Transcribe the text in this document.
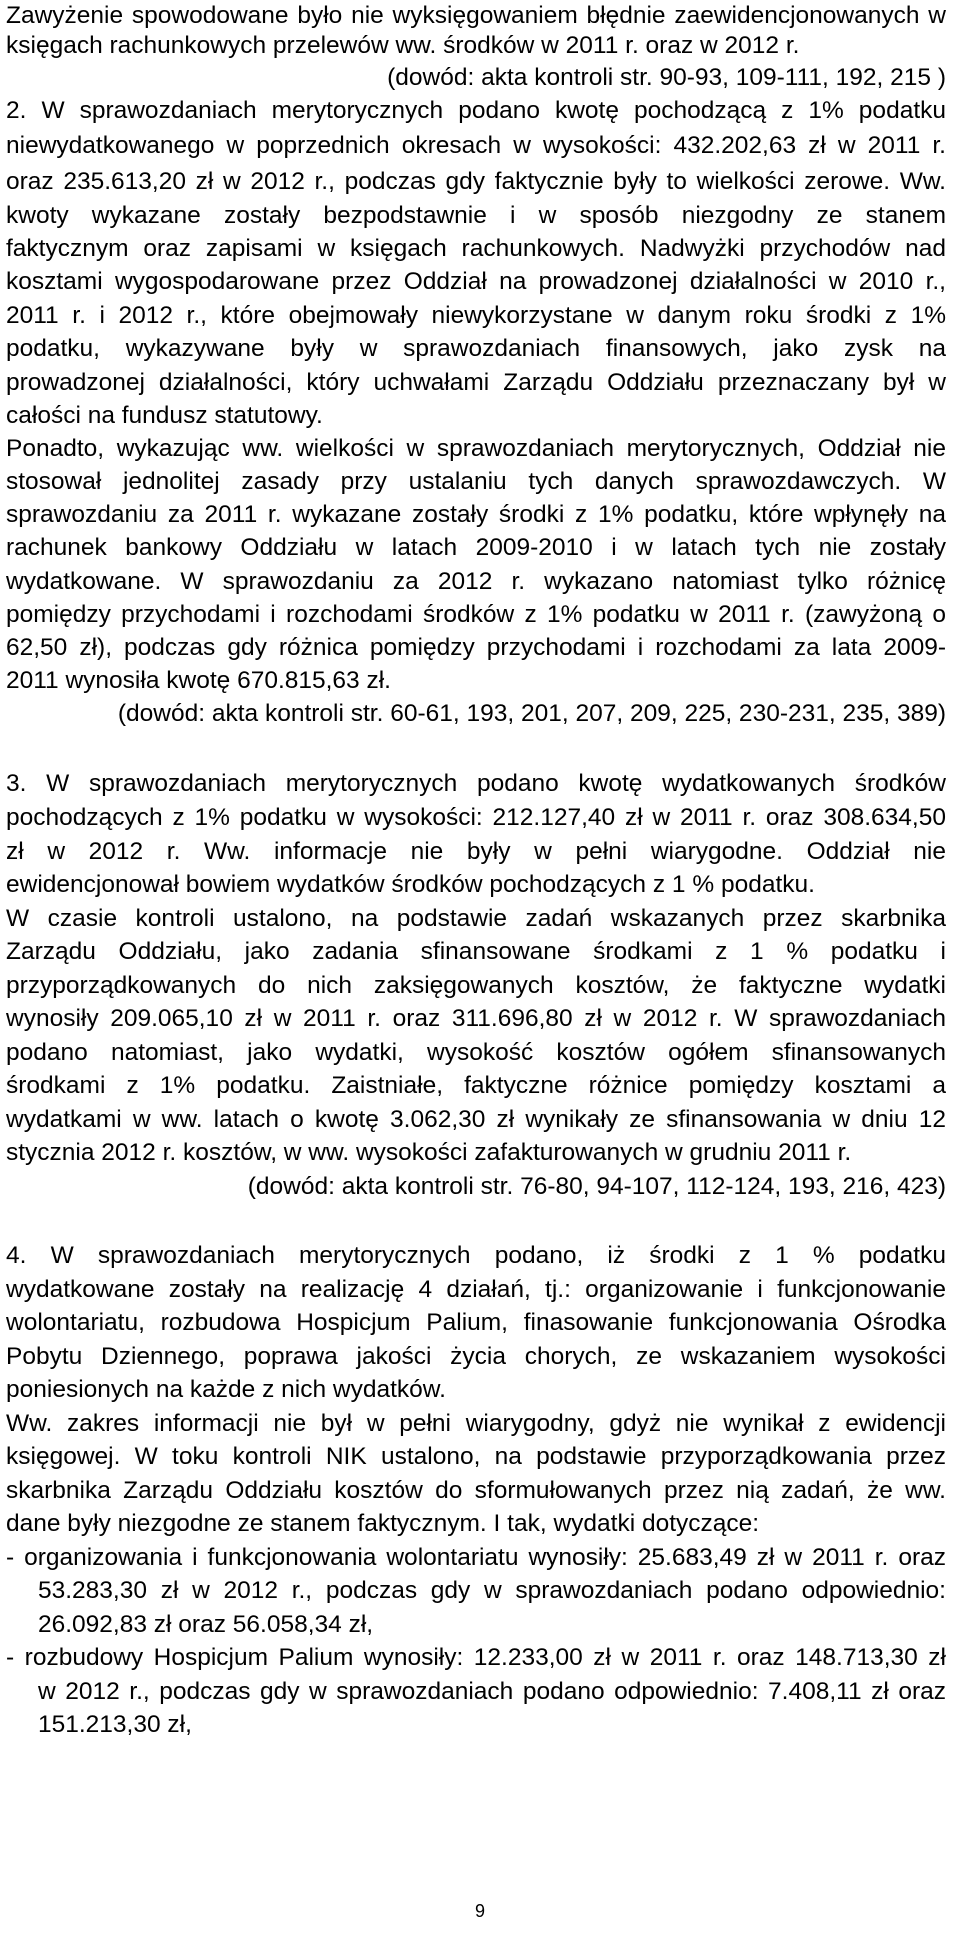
Zawyżenie spowodowane było nie wyksięgowaniem błędnie zaewidencjonowanych w
księgach rachunkowych przelewów ww. środków w 2011 r. oraz w 2012 r.
(dowód: akta kontroli str. 90-93, 109-111, 192, 215 )
2. W sprawozdaniach merytorycznych podano kwotę pochodzącą z 1% podatku
niewydatkowanego w poprzednich okresach w wysokości: 432.202,63 zł w 2011 r.
oraz 235.613,20 zł w 2012 r., podczas gdy faktycznie były to wielkości zerowe. Ww.
kwoty wykazane zostały bezpodstawnie i w sposób niezgodny ze stanem
faktycznym oraz zapisami w księgach rachunkowych. Nadwyżki przychodów nad
kosztami wygospodarowane przez Oddział na prowadzonej działalności w 2010 r.,
2011 r. i 2012 r., które obejmowały niewykorzystane w danym roku środki z 1%
podatku, wykazywane były w sprawozdaniach finansowych, jako zysk na
prowadzonej działalności, który uchwałami Zarządu Oddziału przeznaczany był w
całości na fundusz statutowy.
Ponadto, wykazując ww. wielkości w sprawozdaniach merytorycznych, Oddział nie
stosował jednolitej zasady przy ustalaniu tych danych sprawozdawczych. W
sprawozdaniu za 2011 r. wykazane zostały środki z 1% podatku, które wpłynęły na
rachunek bankowy Oddziału w latach 2009-2010 i w latach tych nie zostały
wydatkowane. W sprawozdaniu za 2012 r. wykazano natomiast tylko różnicę
pomiędzy przychodami i rozchodami środków z 1% podatku w 2011 r. (zawyżoną o
62,50 zł), podczas gdy różnica pomiędzy przychodami i rozchodami za lata 2009-
2011 wynosiła kwotę 670.815,63 zł.
(dowód: akta kontroli str. 60-61, 193, 201, 207, 209, 225, 230-231, 235, 389)
3. W sprawozdaniach merytorycznych podano kwotę wydatkowanych środków
pochodzących z 1% podatku w wysokości: 212.127,40 zł w 2011 r. oraz 308.634,50
zł w 2012 r. Ww. informacje nie były w pełni wiarygodne. Oddział nie
ewidencjonował bowiem wydatków środków pochodzących z 1 % podatku.
W czasie kontroli ustalono, na podstawie zadań wskazanych przez skarbnika
Zarządu Oddziału, jako zadania sfinansowane środkami z 1 % podatku i
przyporządkowanych do nich zaksięgowanych kosztów, że faktyczne wydatki
wynosiły 209.065,10 zł w 2011 r. oraz 311.696,80 zł w 2012 r. W sprawozdaniach
podano natomiast, jako wydatki, wysokość kosztów ogółem sfinansowanych
środkami z 1% podatku. Zaistniałe, faktyczne różnice pomiędzy kosztami a
wydatkami w ww. latach o kwotę 3.062,30 zł wynikały ze sfinansowania w dniu 12
stycznia 2012 r. kosztów, w ww. wysokości zafakturowanych w grudniu 2011 r.
(dowód: akta kontroli str. 76-80, 94-107, 112-124, 193, 216, 423)
4. W sprawozdaniach merytorycznych podano, iż środki z 1 % podatku
wydatkowane zostały na realizację 4 działań, tj.: organizowanie i funkcjonowanie
wolontariatu, rozbudowa Hospicjum Palium, finasowanie funkcjonowania Ośrodka
Pobytu Dziennego, poprawa jakości życia chorych, ze wskazaniem wysokości
poniesionych na każde z nich wydatków.
Ww. zakres informacji nie był w pełni wiarygodny, gdyż nie wynikał z ewidencji
księgowej. W toku kontroli NIK ustalono, na podstawie przyporządkowania przez
skarbnika Zarządu Oddziału kosztów do sformułowanych przez nią zadań, że ww.
dane były niezgodne ze stanem faktycznym. I tak, wydatki dotyczące:
- organizowania i funkcjonowania wolontariatu wynosiły: 25.683,49 zł w 2011 r. oraz
53.283,30 zł w 2012 r., podczas gdy w sprawozdaniach podano odpowiednio:
26.092,83 zł oraz 56.058,34 zł,
- rozbudowy Hospicjum Palium wynosiły: 12.233,00 zł w 2011 r. oraz 148.713,30 zł
w 2012 r., podczas gdy w sprawozdaniach podano odpowiednio: 7.408,11 zł oraz
151.213,30 zł,
9
